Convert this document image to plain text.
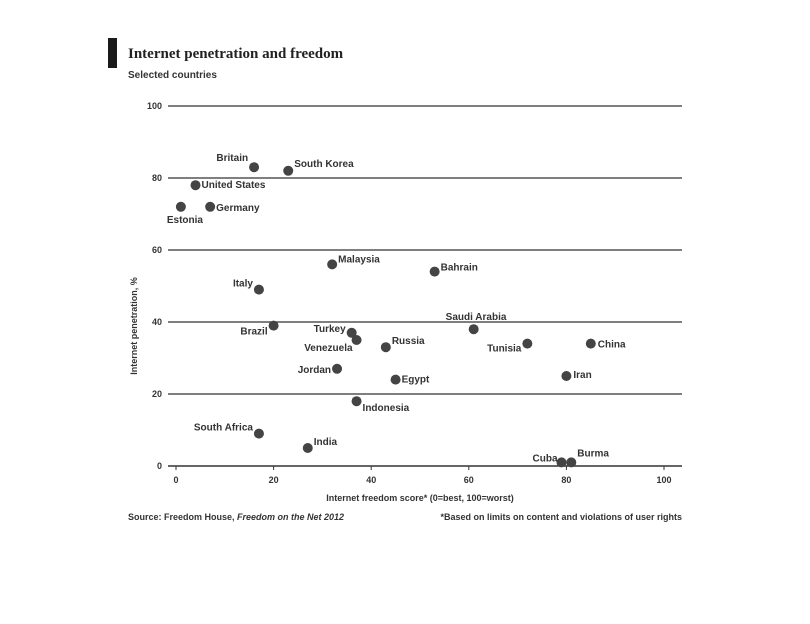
Internet penetration and freedom
Selected countries
0
20
40
60
80
100
0	20	40	60	80	100
Britain
South Korea
United States
Estonia
Germany
Malaysia
Bahrain
Italy
Saudi Arabia
Brazil	Turkey
Venezuela
Russia	China
Tunisia
Jordan
Egypt	Iran
Indonesia
South Africa
India
Cuba Burma
Internet freedom score* (0=best, 100=worst)
Internet penetration, %
Source: Freedom House, Freedom on the Net 2012	*Based on limits on content and violations of user rights
